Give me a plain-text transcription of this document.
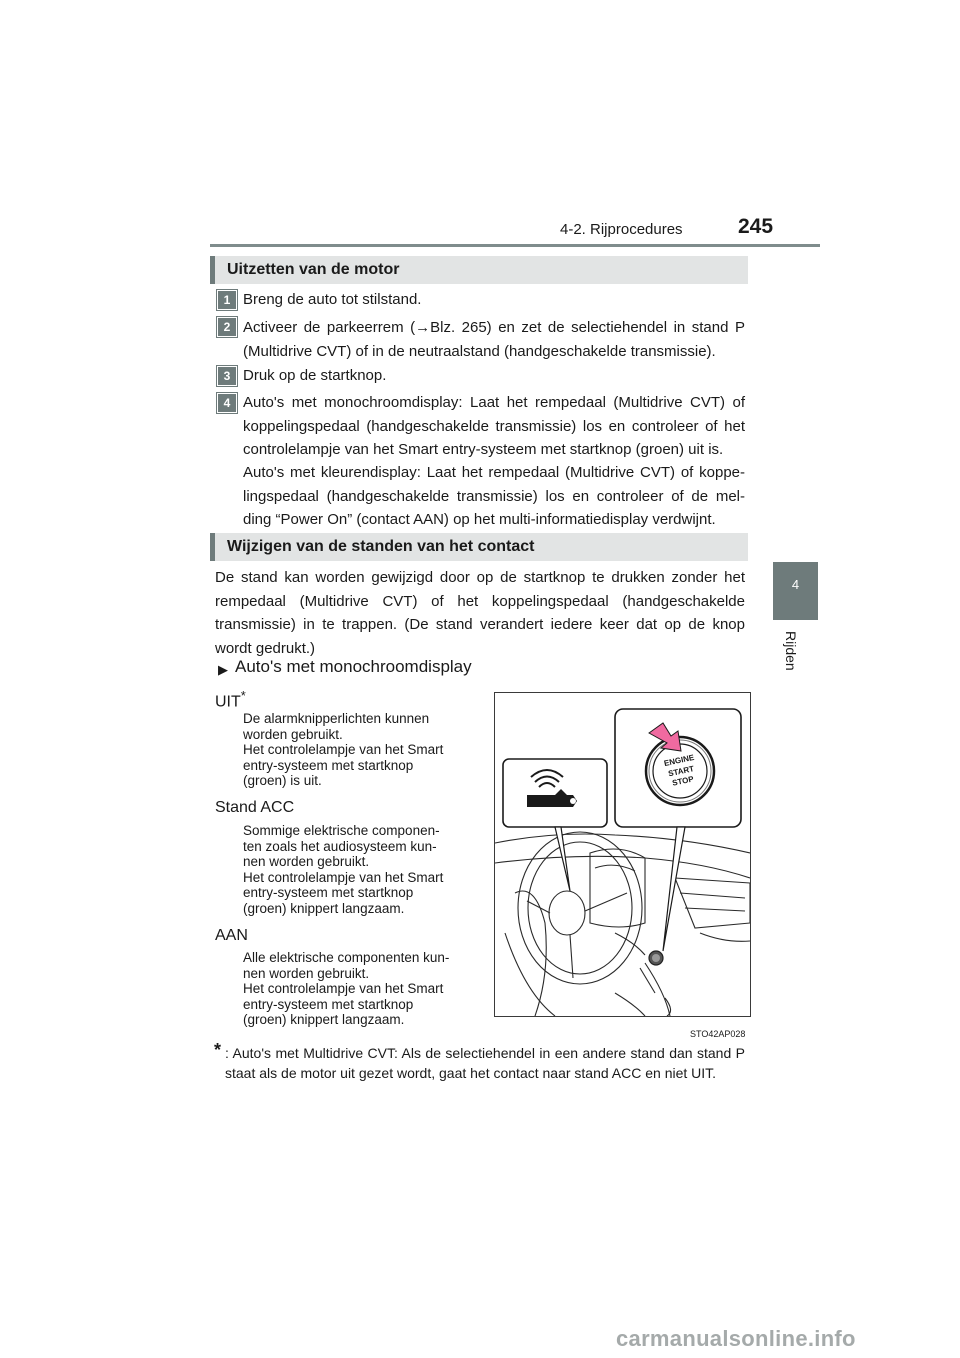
4-2. Rijprocedures	245
4
Rijden
Uitzetten van de motor
1 Breng de auto tot stilstand.
2 Activeer de parkeerrem (→Blz. 265) en zet de selectiehendel in stand P (Multidrive CVT) of in de neutraalstand (handgeschakelde transmissie).
3 Druk op de startknop.
4 Auto's met monochroomdisplay: Laat het rempedaal (Multidrive CVT) of koppelingspedaal (handgeschakelde transmissie) los en controleer of het controlelampje van het Smart entry-systeem met startknop (groen) uit is.
Auto's met kleurendisplay: Laat het rempedaal (Multidrive CVT) of koppe- lingspedaal (handgeschakelde transmissie) los en controleer of de mel- ding “Power On” (contact AAN) op het multi-informatiedisplay verdwijnt.
Wijzigen van de standen van het contact
De stand kan worden gewijzigd door op de startknop te drukken zonder het rempedaal (Multidrive CVT) of het koppelingspedaal (handgeschakelde transmissie) in te trappen. (De stand verandert iedere keer dat op de knop wordt gedrukt.)
▶ Auto's met monochroomdisplay
UIT*
De alarmknipperlichten kunnen
worden gebruikt.
Het controlelampje van het Smart
entry-systeem met startknop
(groen) is uit.
Stand ACC
Sommige elektrische componen-
ten zoals het audiosysteem kun-
nen worden gebruikt.
Het controlelampje van het Smart
entry-systeem met startknop
(groen) knippert langzaam.
AAN
Alle elektrische componenten kun-
nen worden gebruikt.
Het controlelampje van het Smart
entry-systeem met startknop
(groen) knippert langzaam.
ENGINE
START
STOP
STO42AP028
* : Auto's met Multidrive CVT: Als de selectiehendel in een andere stand dan stand P staat als de motor uit gezet wordt, gaat het contact naar stand ACC en niet UIT.
carmanualsonline.info
